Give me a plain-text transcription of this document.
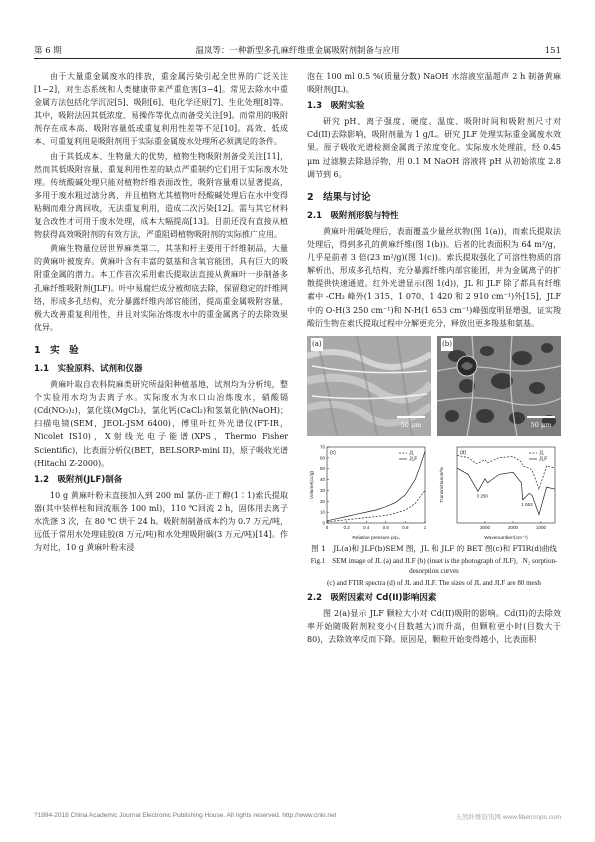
第 6 期	温岚等：一种新型多孔麻纤维重金属吸附剂制备与应用	151

由于大量重金属废水的排放，重金属污染引起全世界的广泛关注[1−2]，对生态系统和人类健康带来严重危害[3−4]。常见去除水中重金属方法包括化学沉淀[5]、吸附[6]、电化学还原[7]、生化处理[8]等。其中，吸附法因其低浓度、易操作等优点而备受关注[9]。而常用的吸附剂存在成本高、吸附容量低或重复利用性差等不足[10]。高效、低成本、可重复利用是吸附剂用于实际重金属废水处理所必须满足的条件。

由于其低成本、生物量大的优势，植物生物吸附剂备受关注[11]，然而其低吸附容量、重复利用性差的缺点严重制约它们用于实际废水处理。传统酸碱处理只能对植物纤维表面改性，吸附容量难以显著提高，多用于废水粗过滤分离，并且植物尤其植物叶经酸碱处理后在水中变得粘稠而难分离回收，无法重复利用，造成二次污染[12]。需与其它材料复合改性才可用于废水处理，成本大幅提高[13]。目前还没有直接从植物获得高效吸附剂的有效方法，严重阻碍植物吸附剂的实际推广应用。

黄麻生物量位居世界麻类第二，其茎和杆主要用于纤维制品，大量的黄麻叶被废弃。黄麻叶含有丰富的氨基和含氧官能团，具有巨大的吸附重金属的潜力。本工作首次采用索氏提取法直接从黄麻叶一步制备多孔麻纤维吸附剂(JLF)。叶中易腐烂成分被彻底去除，保留稳定的纤维网络，形成多孔结构，充分暴露纤维内部官能团，提高重金属吸附容量，极大改善重复利用性，并且对实际冶炼废水中的重金属离子的去除效果优异。

1　实　验
1.1　实验原料、试剂和仪器

黄麻叶取自农科院麻类研究所益阳种植基地，试剂均为分析纯，整个实验用水均为去离子水。实际废水为水口山冶炼废水，硝酸镉(Cd(NO₃)₂)，氯化镁(MgCl₂)，氯化钙(CaCl₂)和氢氧化钠(NaOH)；扫描电镜(SEM，JEOL-JSM 6400)，傅里叶红外光谱仪(FT-IR，Nicolet IS10)，X射线光电子能谱(XPS，Thermo Fisher Scientific)，比表面分析仪(BET，BELSORP-mini II)，原子吸收光谱(Hitachi Z-2000)。

1.2　吸附剂(JLF)制备

10 g 黄麻叶粉末直接加入到 200 ml 氯仿-正丁醇(1∶1)索氏提取器(其中装样柱和回流瓶各 100 ml)，110 ℃回流 2 h，固体用去离子水洗涤 3 次，在 80 ℃ 烘干 24 h。吸附剂制备成本约为 0.7 万元/吨，远低于常用水处理硅胶(8 万元/吨)和水处理吸附碳(3 万元/吨)[14]。作为对比，10 g 黄麻叶粉末浸

泡在 100 ml 0.5 %(质量分数) NaOH 水溶液室温超声 2 h 制备黄麻吸附剂(JL)。

1.3　吸附实验

研究 pH、离子强度、硬度、温度、吸附时间和吸附剂尺寸对 Cd(II)去除影响，吸附剂量为 1 g/L。研究 JLF 处理实际重金属废水效果。原子吸收光谱检测金属离子浓度变化。实际废水处理前，经 0.45 μm 过滤膜去除悬浮物，用 0.1 M NaOH 溶液将 pH 从初始浓度 2.8 调节到 6。

2　结果与讨论
2.1　吸附剂形貌与特性

黄麻叶用碱处理后，表面覆盖少量丝状物(图 1(a))，而索氏提取法处理后，得到多孔的黄麻纤维(图 1(b))。后者的比表面积为 64 m²/g，几乎是前者 3 倍(23 m²/g)(图 1(c))。索氏提取强化了可溶性物质的溶解析出，形成多孔结构，充分暴露纤维内部官能团，并为金属离子的扩散提供快速通道。红外光谱显示(图 1(d))，JL 和 JLF 除了都具有纤维素中 -CH₂ 峰外(1 315、1 070、1 420 和 2 910 cm⁻¹)外[15]，JLF 中的 O-H(3 250 cm⁻¹)和 N-H(1 653 cm⁻¹)峰强度明显增强，证实羧酸衍生物在索氏提取过程中分解更充分，释放出更多羧基和氨基。

(a)
50 μm
(b)
50 μm
0	0.2	0.4	0.6	0.8	1
0
10
20
30
40
50
60
70
(c)	JL
JLF
Relative pressure p/p₀
Volume(cc/g)
3000	2000	1000
(d)	JL
JLF
Wavenumber/(cm⁻¹)
Transmittance/%	3 250
1 653
图 1　JL(a)和 JLF(b)SEM 图，JL 和 JLF 的 BET 图(c)和 FTIR(d)曲线
Fig.1　SEM image of JL (a) and JLF (b) (inset is the photograph of JLF)，N₂ sorption-desorption curves
(c) and FTIR spectra (d) of JL and JLF. The sizes of JL and JLF are 80 mesh
2.2　吸附因素对 Cd(II)影响因素

图 2(a)显示 JLF 颗粒大小对 Cd(II)吸附的影响。Cd(II)的去除效率开始随吸附剂粒变小(目数越大)而升高，但颗粒更小时(目数大于 80)，去除效率反而下降。原因是，颗粒开始变得越小，比表面积

?1994-2018 China Academic Journal Electronic Publishing House. All rights reserved. http://www.cnki.net	天然纤维资讯网 www.fibercrops.com
